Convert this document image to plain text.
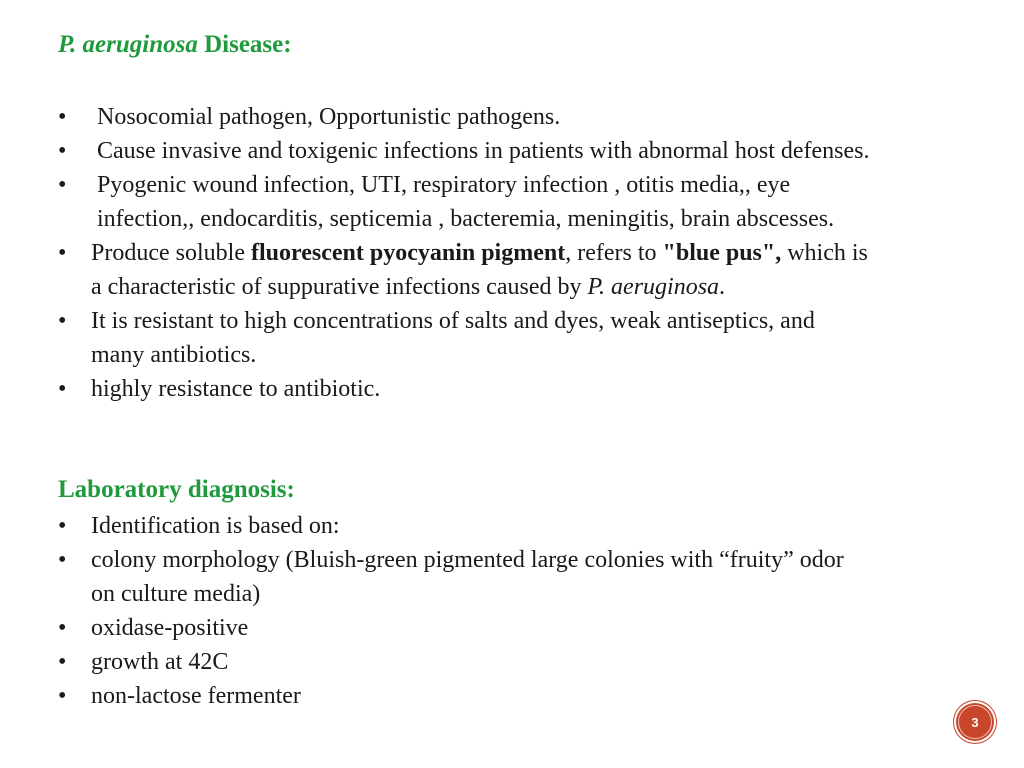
P. aeruginosa Disease:
• Nosocomial pathogen, Opportunistic pathogens.
• Cause invasive and toxigenic infections in patients with abnormal host defenses.
• Pyogenic wound infection, UTI, respiratory infection , otitis media,, eye
infection,, endocarditis, septicemia , bacteremia, meningitis, brain abscesses.
• Produce soluble fluorescent pyocyanin pigment, refers to "blue pus", which is
a characteristic of suppurative infections caused by P. aeruginosa.
• It is resistant to high concentrations of salts and dyes, weak antiseptics, and
many antibiotics.
• highly resistance to antibiotic.
Laboratory diagnosis:
• Identification is based on:
• colony morphology (Bluish-green pigmented large colonies with “fruity” odor
on culture media)
• oxidase-positive
• growth at 42C
• non-lactose fermenter
3
